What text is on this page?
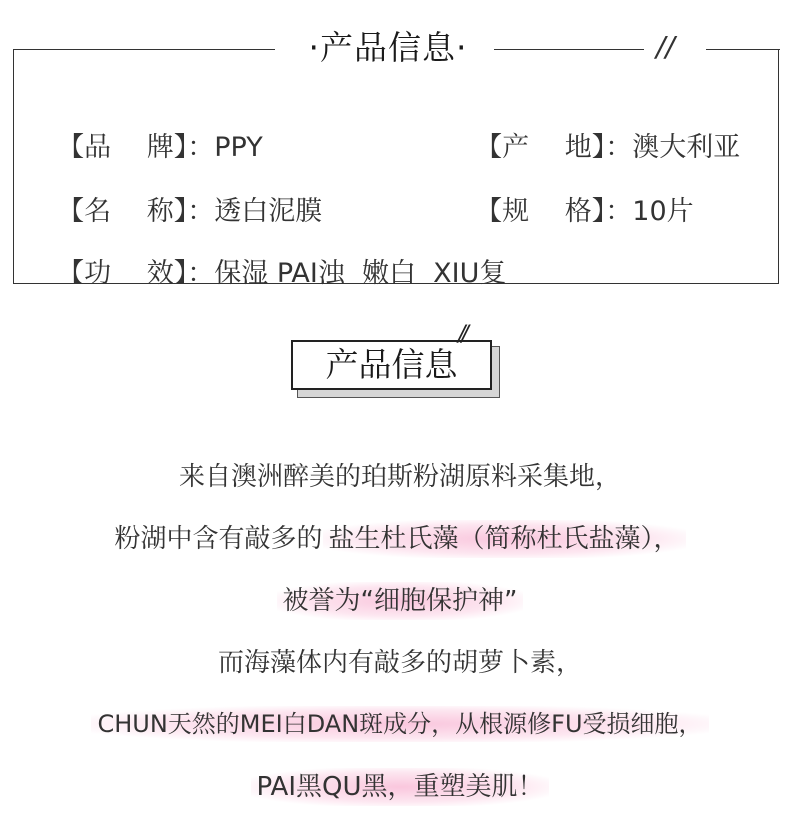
·产品信息·	//

【品　 牌】：PPY	【产　 地】：澳大利亚

【名　 称】：透白泥膜	【规　 格】：10片

【功　 效】：保湿 PAI浊  嫩白  XIU复

产品信息
//
来自澳洲醉美的珀斯粉湖原料采集地，
粉湖中含有敲多的 盐生杜氏藻（简称杜氏盐藻），
被誉为“细胞保护神”
而海藻体内有敲多的胡萝卜素，
CHUN天然的MEI白DAN斑成分，从根源修FU受损细胞，
PAI黑QU黑，重塑美肌！
